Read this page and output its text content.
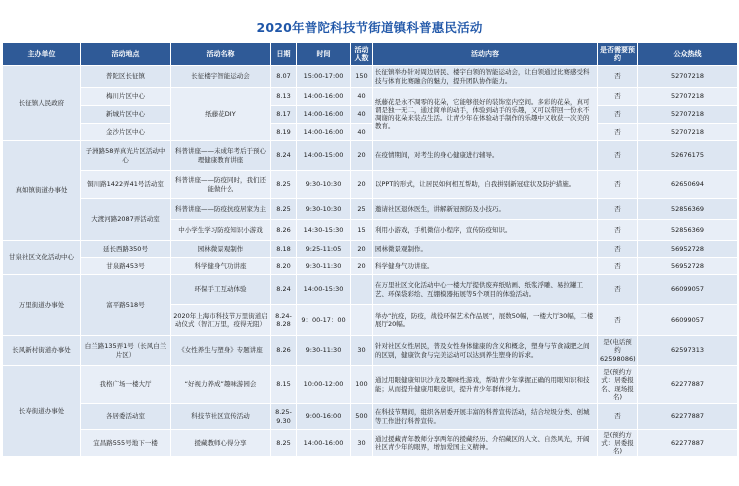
2020年普陀科技节街道镇科普惠民活动
主办单位	活动地点	活动名称	日期	时间	活动人数	活动内容	是否需要预约	公众热线
长征镇人民政府	普陀区长征镇	长征楼宇智能运动会	8.07	15:00-17:00	150	长征镇举办针对周边居民、楼宇白领的智能运动会，让白领通过比赛感受科技与体育比赛融合的魅力，提升团队协作能力。	否	52707218
	梅川片区中心	纸藤花DIY	8.13	14:00-16:00	40	纸藤花是永不凋零的花朵，它能够很好的装饰室内空间。多彩的花朵，真可谓是独一无二，通过简单的动手，体验到动手的乐趣，又可以带回一份永不凋谢的花朵来装点生活。让青少年在体验动手制作的乐趣中又收获一次美的教育。	否	52707218
	新城片区中心		8.17	14:00-16:00	40		否	52707218
	金沙片区中心		8.19	14:00-16:00	40		否	52707218
真如镇街道办事处	子洲路58弄真光片区活动中心	科普讲座——未成年考后于预心理健康教育讲座	8.24	14:00-15:00	20	在疫情期间，对考生的身心健康进行辅导。	否	52676175
	铜川路1422弄41号活动室	科普讲座——防疫同时，我们还能做什么	8.25	9:30-10:30	20	以PPT的形式，让居民如何相互帮助，自我拼别新冠症状及防护措施。	否	62650694
	大渡河路2087弄活动室	科普讲座——防疫抗疫居家为主	8.25	9:30-10:30	25	邀请社区退休医生，讲解新冠预防及小技巧。	否	52856369
		中小学生学习防疫知识小游戏	8.26	14:30-15:30	15	利用小游戏，手机微信小程序，宣传防疫知识。	否	52856369
甘泉社区文化活动中心	延长西路350号	园林微景观制作	8.18	9:25-11:05	20	园林微景观制作。	否	56952728
	甘泉路453号	科学健身气功讲座	8.20	9:30-11:30	20	科学健身气功讲座。	否	56952728
万里街道办事处	富平路518号	环保手工互动体验	8.24	14:00-15:30		在万里社区文化活动中心一楼大厅提供废弃纸贴画、纸浆浮雕、易拉罐工艺、环保袋彩绘、互绷模器拓展等5个项目的体验活动。	否	66099057
		2020年上海市科技节万里街道启动仪式（智汇万里，疫得无阻）	8.24-8.28	9：00-17：00		举办“抗疫，防疫，战役环保艺术作品展”，展数50幅，一楼大厅30幅，二楼展厅20幅。	否	66099057
长风新村街道办事处	白兰路135弄1号（长风白兰片区）	《女性养生与塑身》专题讲座	8.26	9:30-11:30	30	针对社区女性居民，普及女性身体健康的含义和概念，塑身与节食减肥之间的区别，健康饮食与完美运动可以达到养生塑身的诉求。	是(电话预约62598086)	62597313
长寿街道办事处	我格广场一楼大厅	“好视力养成”趣味游园会	8.15	10:00-12:00	100	通过用眼健康知识沙龙及趣味性游戏，帮助青少年掌握正确的用眼知识和技能；从而提升健康用眼意识，提升青少年群体视力。	是(预约方式：居委报名、现场报名)	62277887
	各居委活动室	科技节社区宣传活动	8.25-9.30	9:00-16:00	500	在科技节期间，组织各居委开展丰富的科普宣传活动，结合垃圾分类、创城等工作进行科普宣传。	否	62277887
	宜昌路555号地下一楼	援藏教师心得分享	8.25	14:00-16:00	30	通过援藏青年教师分享两年的援藏经历、介绍藏区的人文、自然风光，开阔社区青少年的眼界，增加爱国主义精神。	是(预约方式：居委报名)	62277887
